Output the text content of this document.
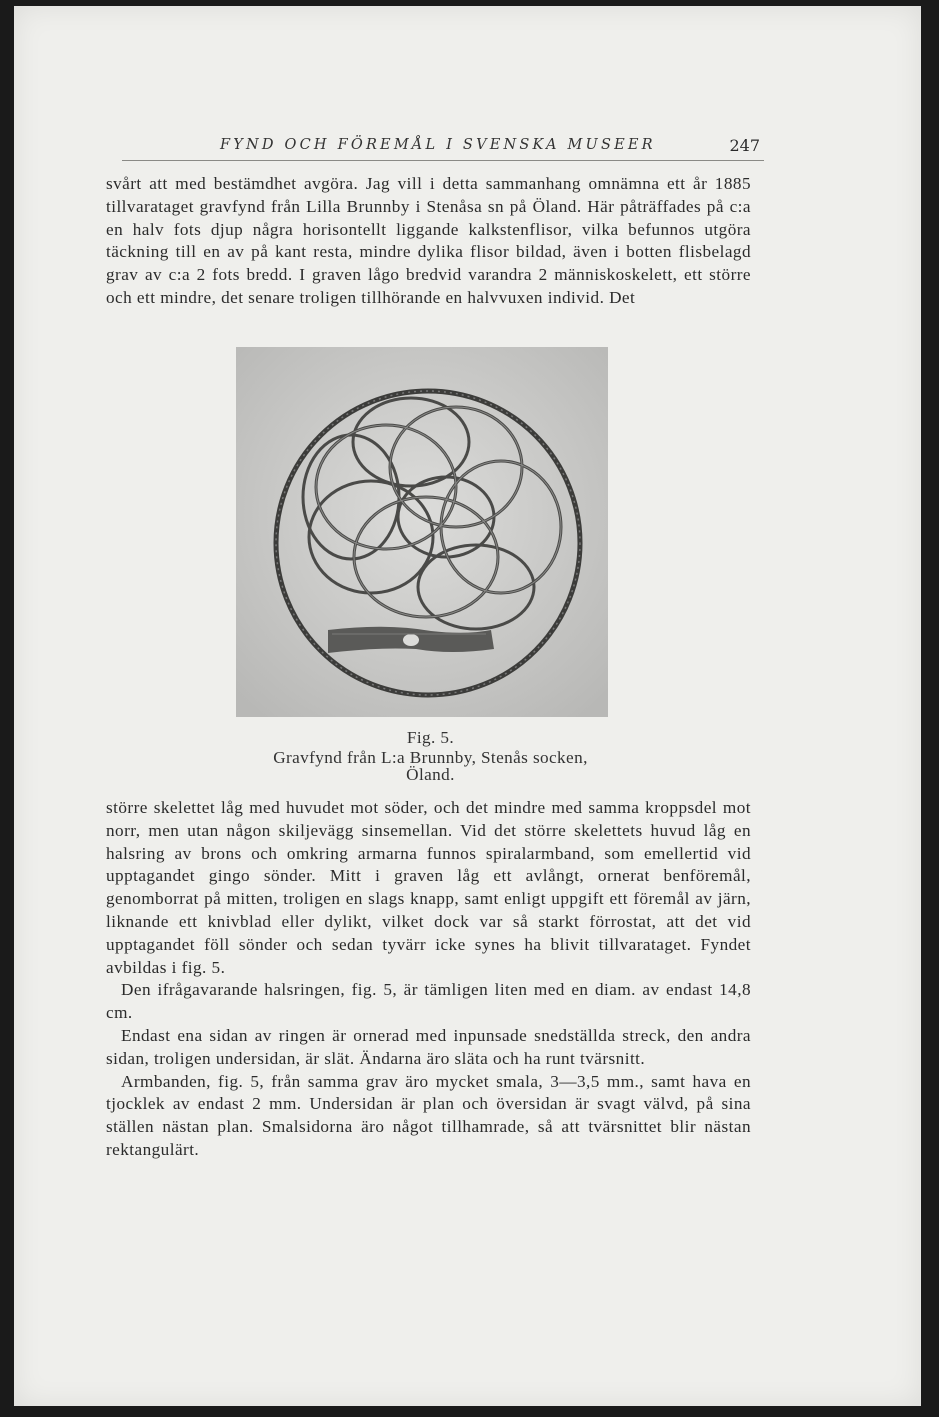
FYND OCH FÖREMÅL I SVENSKA MUSEER	247

svårt att med bestämdhet avgöra. Jag vill i detta sammanhang omnämna ett år 1885 tillvarataget gravfynd från Lilla Brunnby i Stenåsa sn på Öland. Här påträffades på c:a en halv fots djup några horisontellt liggande kalkstenflisor, vilka befunnos utgöra täckning till en av på kant resta, mindre dylika flisor bildad, även i botten flisbelagd grav av c:a 2 fots bredd. I graven lågo bredvid varandra 2 människoskelett, ett större och ett mindre, det senare troligen tillhörande en halvvuxen individ. Det

Fig. 5.
Gravfynd från L:a Brunnby, Stenås socken,
Öland.

större skelettet låg med huvudet mot söder, och det mindre med samma kroppsdel mot norr, men utan någon skiljevägg sinsemellan. Vid det större skelettets huvud låg en halsring av brons och omkring armarna funnos spiralarmband, som emellertid vid upptagandet gingo sönder. Mitt i graven låg ett avlångt, ornerat benföremål, genomborrat på mitten, troligen en slags knapp, samt enligt uppgift ett föremål av järn, liknande ett knivblad eller dylikt, vilket dock var så starkt förrostat, att det vid upptagandet föll sönder och sedan tyvärr icke synes ha blivit tillvarataget. Fyndet avbildas i fig. 5.

Den ifrågavarande halsringen, fig. 5, är tämligen liten med en diam. av endast 14,8 cm.

Endast ena sidan av ringen är ornerad med inpunsade snedställda streck, den andra sidan, troligen undersidan, är slät. Ändarna äro släta och ha runt tvärsnitt.

Armbanden, fig. 5, från samma grav äro mycket smala, 3—3,5 mm., samt hava en tjocklek av endast 2 mm. Undersidan är plan och översidan är svagt välvd, på sina ställen nästan plan. Smalsidorna äro något tillhamrade, så att tvärsnittet blir nästan rektangulärt.
